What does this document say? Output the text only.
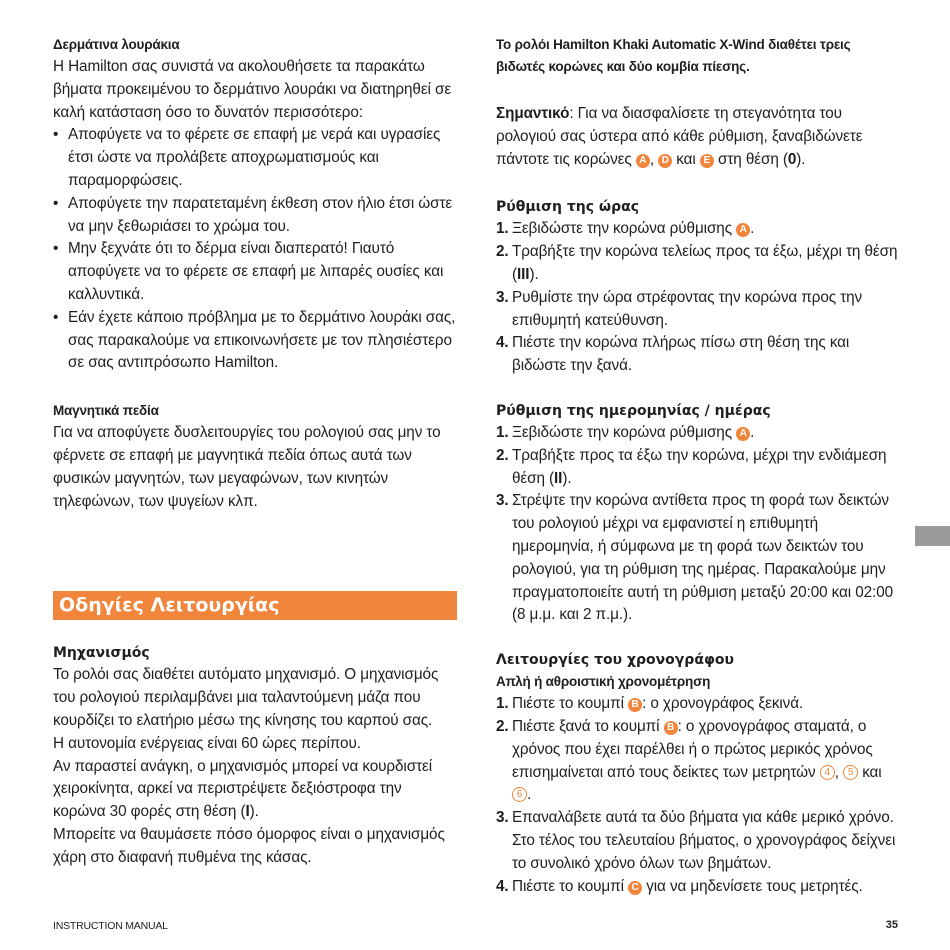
Δερμάτινα λουράκια

Η Hamilton σας συνιστά να ακολουθήσετε τα παρακάτω βήματα προκειμένου το δερμάτινο λουράκι να διατηρηθεί σε καλή κατάσταση όσο το δυνατόν περισσότερο:

• Αποφύγετε να το φέρετε σε επαφή με νερά και υγρασίες έτσι ώστε να προλάβετε αποχρωματισμούς και παραμορφώσεις.
• Αποφύγετε την παρατεταμένη έκθεση στον ήλιο έτσι ώστε να μην ξεθωριάσει το χρώμα του.
• Μην ξεχνάτε ότι το δέρμα είναι διαπερατό! Γιαυτό αποφύγετε να το φέρετε σε επαφή με λιπαρές ουσίες και καλλυντικά.
• Εάν έχετε κάποιο πρόβλημα με το δερμάτινο λουράκι σας, σας παρακαλούμε να επικοινωνήσετε με τον πλησιέστερο σε σας αντιπρόσωπο Hamilton.
Μαγνητικά πεδία

Για να αποφύγετε δυσλειτουργίες του ρολογιού σας μην το φέρνετε σε επαφή με μαγνητικά πεδία όπως αυτά των φυσικών μαγνητών, των μεγαφώνων, των κινητών τηλεφώνων, των ψυγείων κλπ.

Οδηγίες Λειτουργίας
Μηχανισμός

Το ρολόι σας διαθέτει αυτόματο μηχανισμό. Ο μηχανισμός του ρολογιού περιλαμβάνει μια ταλαντούμενη μάζα που κουρδίζει το ελατήριο μέσω της κίνησης του καρπού σας.

Η αυτονομία ενέργειας είναι 60 ώρες περίπου.

Αν παραστεί ανάγκη, ο μηχανισμός μπορεί να κουρδιστεί χειροκίνητα, αρκεί να περιστρέψετε δεξιόστροφα την κορώνα 30 φορές στη θέση (I).

Μπορείτε να θαυμάσετε πόσο όμορφος είναι ο μηχανισμός χάρη στο διαφανή πυθμένα της κάσας.

Το ρολόι Hamilton Khaki Automatic X-Wind διαθέτει τρεις βιδωτές κορώνες και δύο κομβία πίεσης.

Σημαντικό: Για να διασφαλίσετε τη στεγανότητα του ρολογιού σας ύστερα από κάθε ρύθμιση, ξαναβιδώνετε πάντοτε τις κορώνες A , D και E στη θέση (0).

Ρύθμιση της ώρας
1. Ξεβιδώστε την κορώνα ρύθμισης A .
2. Τραβήξτε την κορώνα τελείως προς τα έξω, μέχρι τη θέση (III).
3. Ρυθμίστε την ώρα στρέφοντας την κορώνα προς την επιθυμητή κατεύθυνση.
4. Πιέστε την κορώνα πλήρως πίσω στη θέση της και βιδώστε την ξανά.
Ρύθμιση της ημερομηνίας / ημέρας
1. Ξεβιδώστε την κορώνα ρύθμισης A .
2. Τραβήξτε προς τα έξω την κορώνα, μέχρι την ενδιάμεση θέση (II).
3. Στρέψτε την κορώνα αντίθετα προς τη φορά των δεικτών του ρολογιού μέχρι να εμφανιστεί η επιθυμητή ημερομηνία, ή σύμφωνα με τη φορά των δεικτών του ρολογιού, για τη ρύθμιση της ημέρας. Παρακαλούμε μην πραγματοποιείτε αυτή τη ρύθμιση μεταξύ 20:00 και 02:00 (8 μ.μ. και 2 π.μ.).
Λειτουργίες του χρονογράφου
Απλή ή αθροιστική χρονομέτρηση
1. Πιέστε το κουμπί B : ο χρονογράφος ξεκινά.
2. Πιέστε ξανά το κουμπί B : ο χρονογράφος σταματά, ο χρόνος που έχει παρέλθει ή ο πρώτος μερικός χρόνος επισημαίνεται από τους δείκτες των μετρητών 4 , 5 και 6 .
3. Επαναλάβετε αυτά τα δύο βήματα για κάθε μερικό χρόνο. Στο τέλος του τελευταίου βήματος, ο χρονογράφος δείχνει το συνολικό χρόνο όλων των βημάτων.
4. Πιέστε το κουμπί C για να μηδενίσετε τους μετρητές.
INSTRUCTION MANUAL	35
